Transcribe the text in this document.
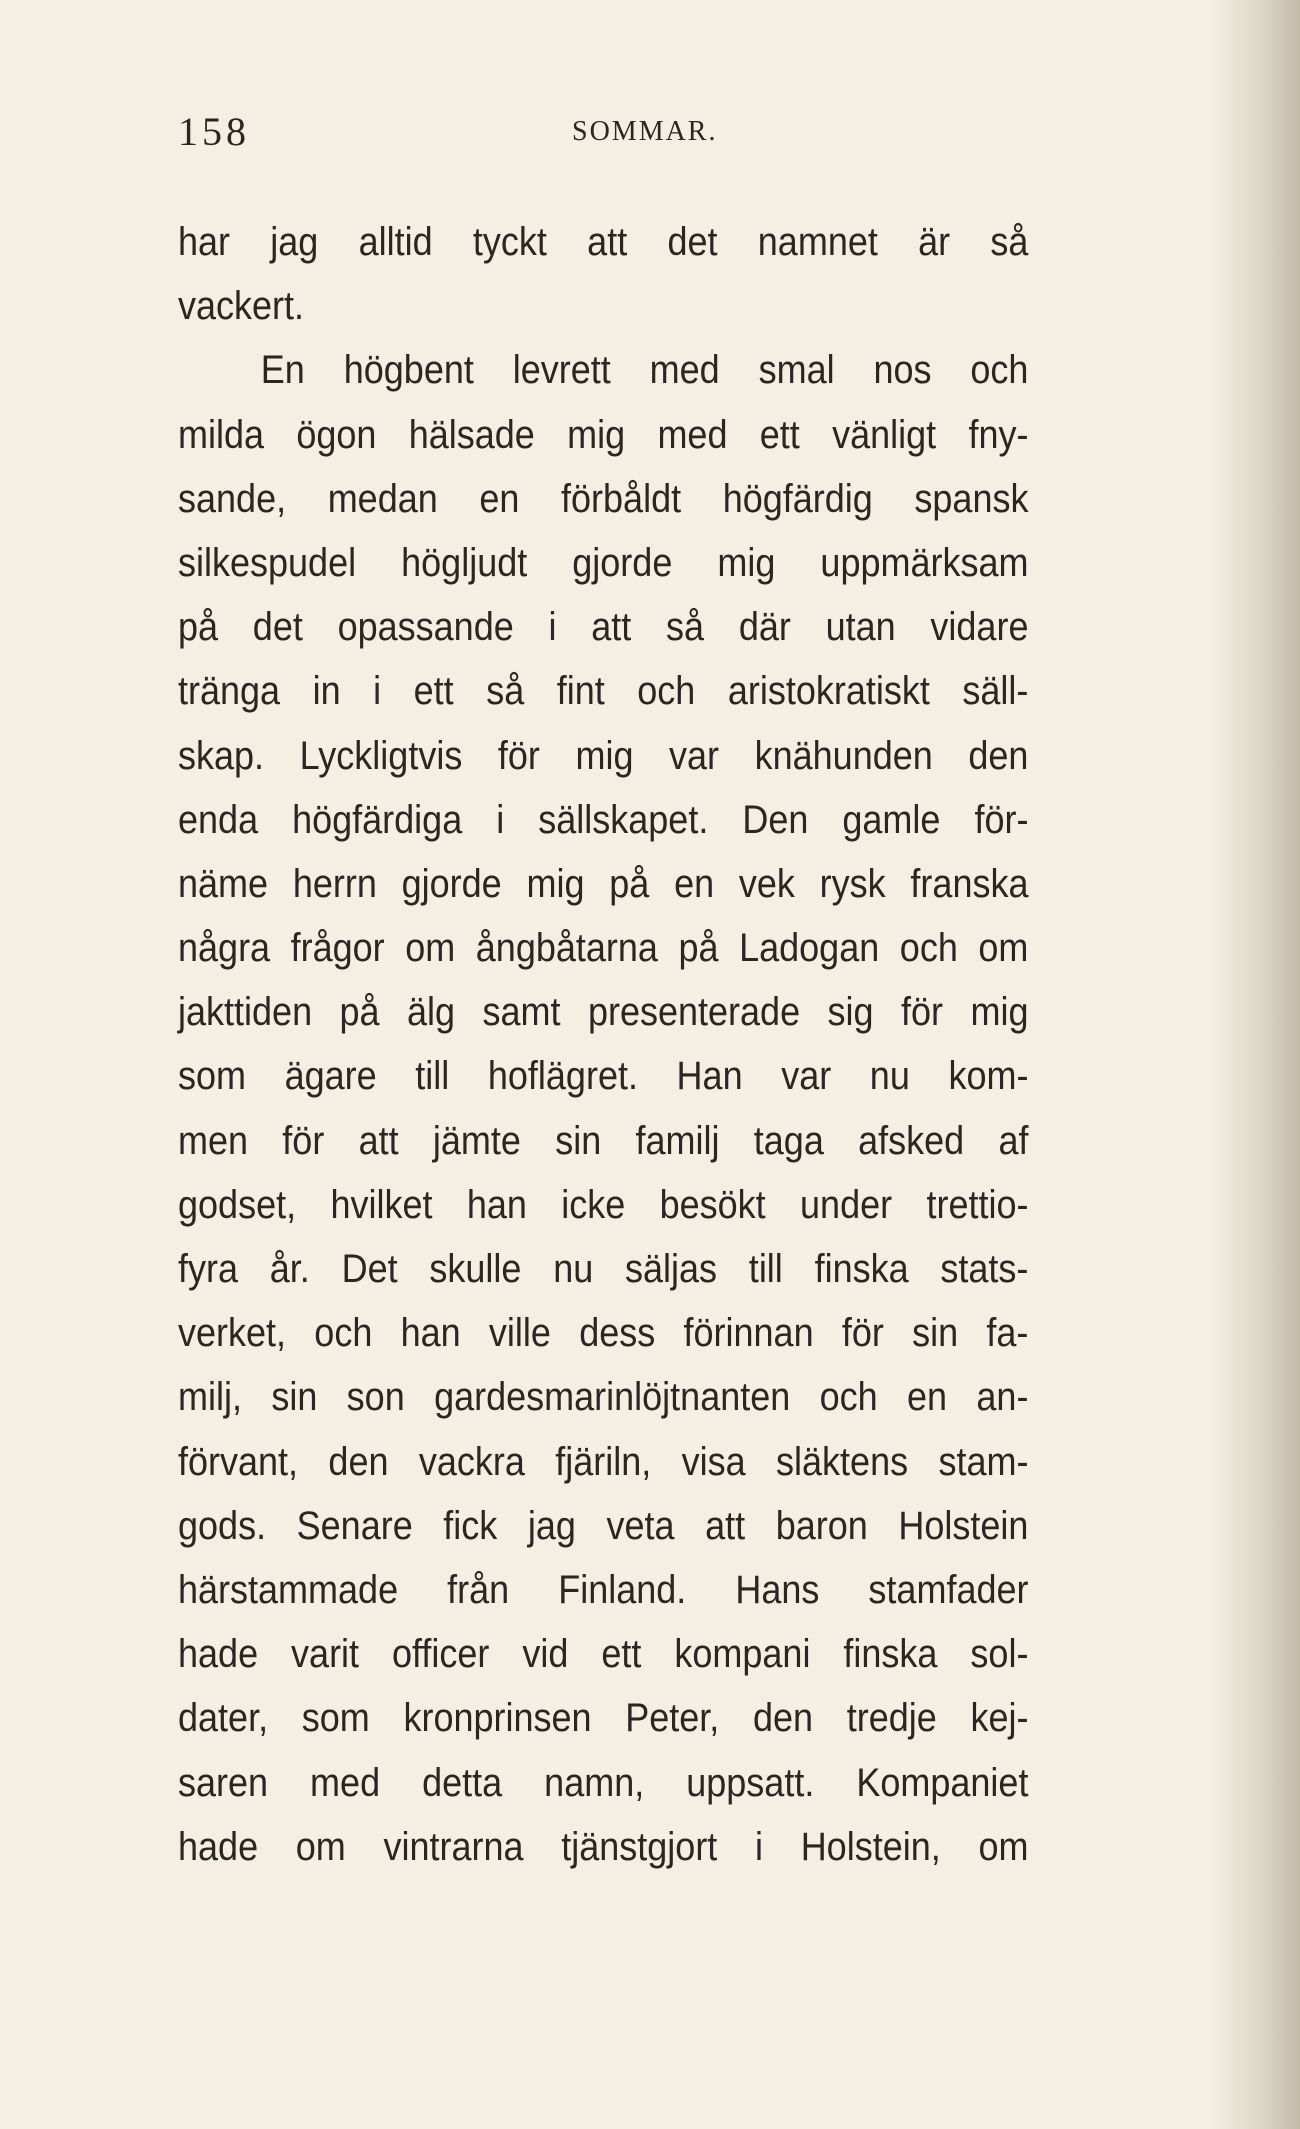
158	SOMMAR.
har jag alltid tyckt att det namnet är så
vackert.
En högbent levrett med smal nos och
milda ögon hälsade mig med ett vänligt fny-
sande, medan en förbåldt högfärdig spansk
silkespudel högljudt gjorde mig uppmärksam
på det opassande i att så där utan vidare
tränga in i ett så fint och aristokratiskt säll-
skap. Lyckligtvis för mig var knähunden den
enda högfärdiga i sällskapet. Den gamle för-
näme herrn gjorde mig på en vek rysk franska
några frågor om ångbåtarna på Ladogan och om
jakttiden på älg samt presenterade sig för mig
som ägare till hoflägret. Han var nu kom-
men för att jämte sin familj taga afsked af
godset, hvilket han icke besökt under trettio-
fyra år. Det skulle nu säljas till finska stats-
verket, och han ville dess förinnan för sin fa-
milj, sin son gardesmarinlöjtnanten och en an-
förvant, den vackra fjäriln, visa släktens stam-
gods. Senare fick jag veta att baron Holstein
härstammade från Finland. Hans stamfader
hade varit officer vid ett kompani finska sol-
dater, som kronprinsen Peter, den tredje kej-
saren med detta namn, uppsatt. Kompaniet
hade om vintrarna tjänstgjort i Holstein, om
